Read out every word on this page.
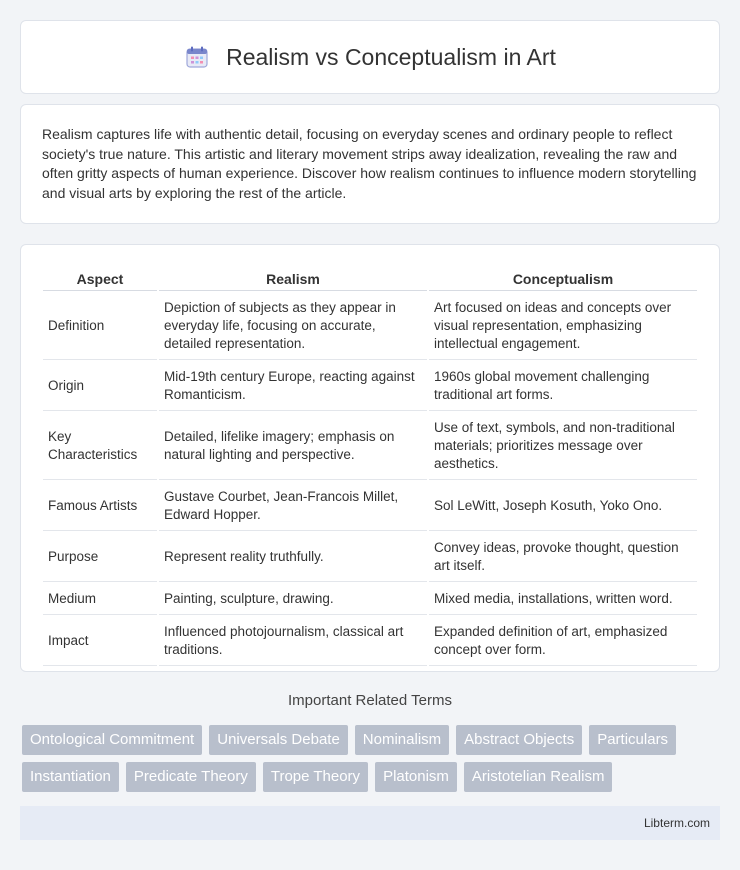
Realism vs Conceptualism in Art

Realism captures life with authentic detail, focusing on everyday scenes and ordinary people to reflect society's true nature. This artistic and literary movement strips away idealization, revealing the raw and often gritty aspects of human experience. Discover how realism continues to influence modern storytelling and visual arts by exploring the rest of the article.

Aspect	Realism	Conceptualism
Definition	Depiction of subjects as they appear in everyday life, focusing on accurate, detailed representation.	Art focused on ideas and concepts over visual representation, emphasizing intellectual engagement.
Origin	Mid-19th century Europe, reacting against Romanticism.	1960s global movement challenging traditional art forms.
Key Characteristics	Detailed, lifelike imagery; emphasis on natural lighting and perspective.	Use of text, symbols, and non-traditional materials; prioritizes message over aesthetics.
Famous Artists	Gustave Courbet, Jean-Francois Millet, Edward Hopper.	Sol LeWitt, Joseph Kosuth, Yoko Ono.
Purpose	Represent reality truthfully.	Convey ideas, provoke thought, question art itself.
Medium	Painting, sculpture, drawing.	Mixed media, installations, written word.
Impact	Influenced photojournalism, classical art traditions.	Expanded definition of art, emphasized concept over form.
Important Related Terms
Ontological Commitment	Universals Debate	Nominalism	Abstract Objects	Particulars
Instantiation	Predicate Theory	Trope Theory	Platonism	Aristotelian Realism
Libterm.com
